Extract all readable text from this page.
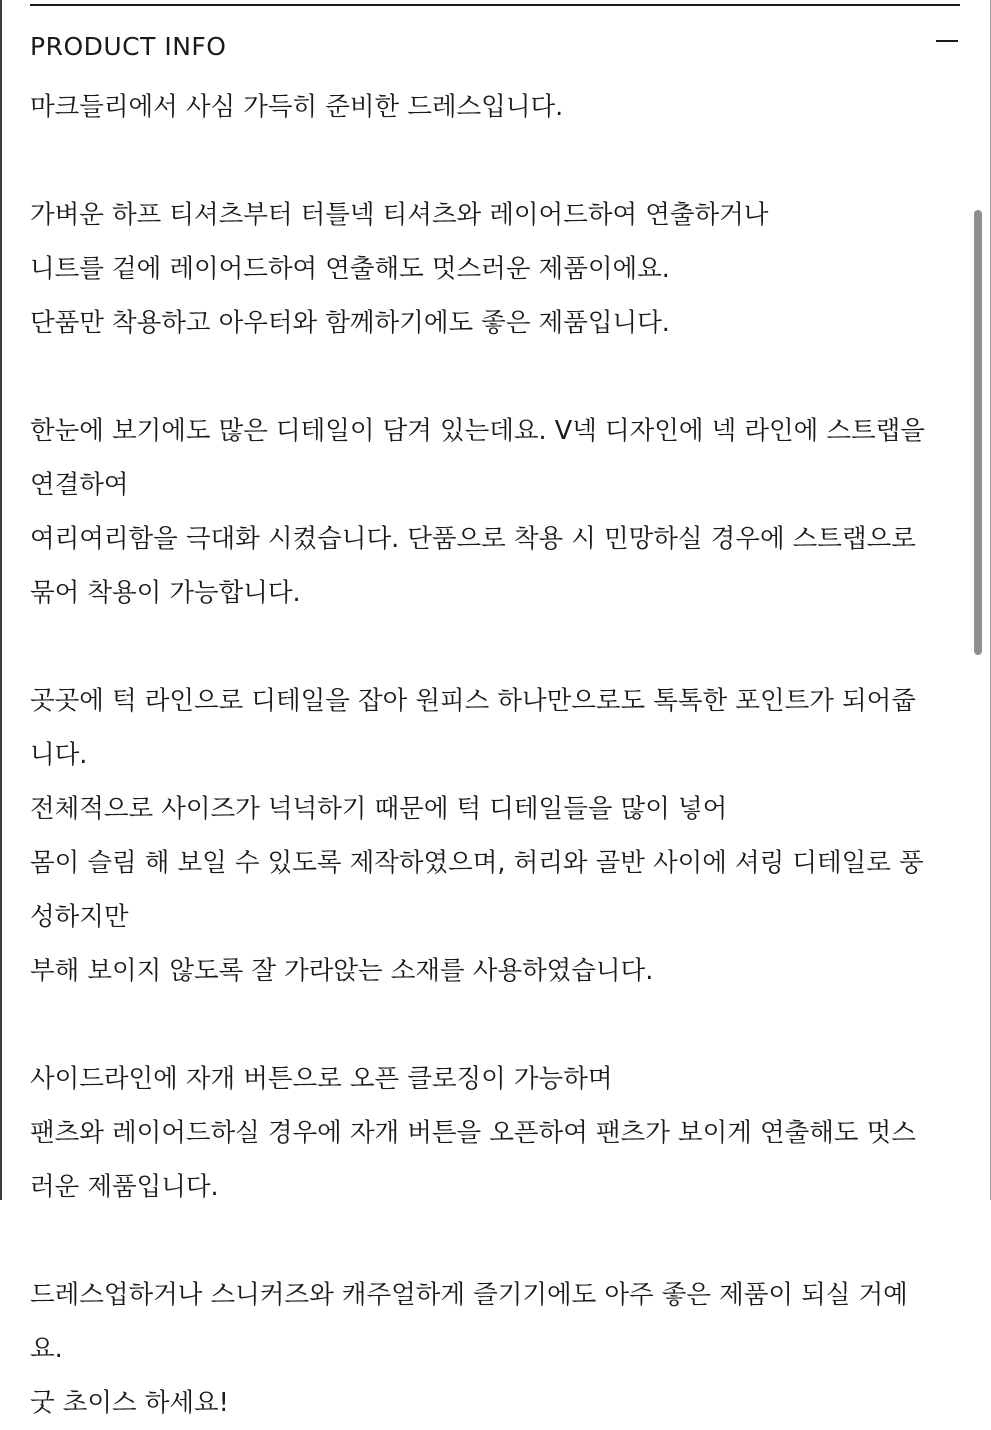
PRODUCT INFO
마크들리에서 사심 가득히 준비한 드레스입니다.
가벼운 하프 티셔츠부터 터틀넥 티셔츠와 레이어드하여 연출하거나
니트를 겉에 레이어드하여 연출해도 멋스러운 제품이에요.
단품만 착용하고 아우터와 함께하기에도 좋은 제품입니다.
한눈에 보기에도 많은 디테일이 담겨 있는데요. V넥 디자인에 넥 라인에 스트랩을
연결하여
여리여리함을 극대화 시켰습니다. 단품으로 착용 시 민망하실 경우에 스트랩으로
묶어 착용이 가능합니다.
곳곳에 턱 라인으로 디테일을 잡아 원피스 하나만으로도 톡톡한 포인트가 되어줍
니다.
전체적으로 사이즈가 넉넉하기 때문에 턱 디테일들을 많이 넣어
몸이 슬림 해 보일 수 있도록 제작하였으며, 허리와 골반 사이에 셔링 디테일로 풍
성하지만
부해 보이지 않도록 잘 가라앉는 소재를 사용하였습니다.
사이드라인에 자개 버튼으로 오픈 클로징이 가능하며
팬츠와 레이어드하실 경우에 자개 버튼을 오픈하여 팬츠가 보이게 연출해도 멋스
러운 제품입니다.
드레스업하거나 스니커즈와 캐주얼하게 즐기기에도 아주 좋은 제품이 되실 거예
요.
굿 초이스 하세요!
